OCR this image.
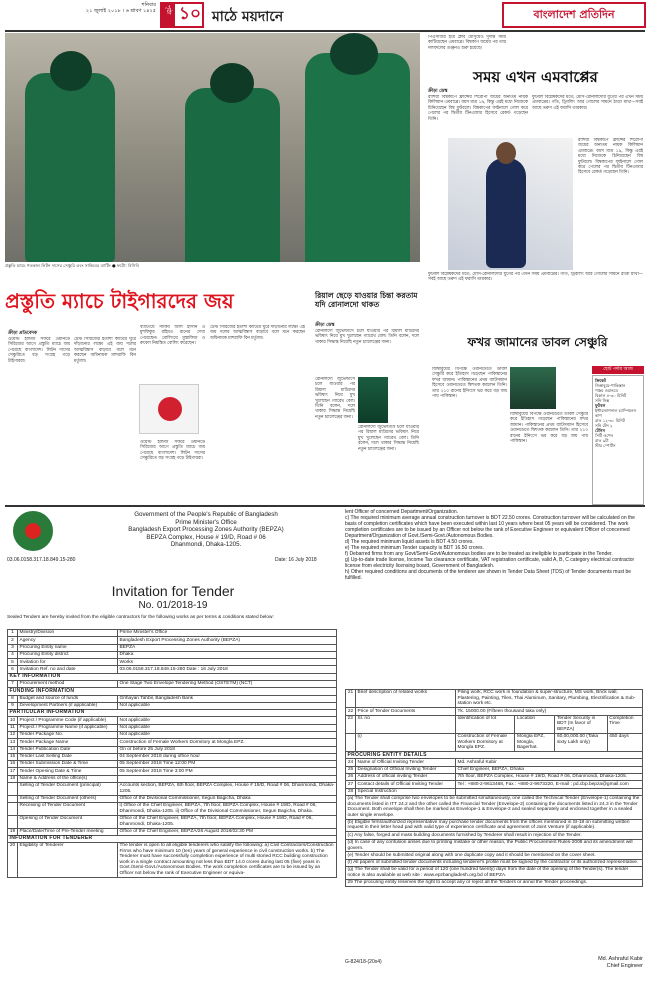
শনিবার
২১ জুলাই ২০১৮ । ৬ শ্রাবণ ১৪২৫	পৃষ্ঠা ১০ মাঠে ময়দানে	বাংলাদেশ প্রতিদিন
প্রস্তুতি ম্যাচে গতকাল লিটন দাসের সেঞ্চুরি এবং সাকিবের ব্যাটিং ● ফটো: বিসিবি
পিএসজির হয়ে ক্লাব মৌসুমেও দুর্দান্ত সময় কাটিয়েছেন এমবাপ্পে। বিশ্বকাপ জয়ের পর তার দলবদলের গুঞ্জনও শুরু হয়েছে।
সময় এখন এমবাপ্পের
ক্রীড়া ডেস্ক
রাশিয়া বিশ্বকাপে ফ্রান্সের শিরোপা জয়ের অন্যতম নায়ক কিলিয়ান এমবাপ্পে। বয়স মাত্র ১৯, কিন্তু এরই মধ্যে নিজেকে চিনিয়েছেন বিশ্ব ফুটবলে। বিশ্বকাপের ফাইনালে গোল করে পেলের পর দ্বিতীয় টিনএজার হিসেবে রেকর্ড গড়েছেন তিনি।
ফুটবল বিশ্লেষকদের মতে, মেসি-রোনালদোর যুগের পর এখন সময় এমবাপ্পের। গতি, ড্রিবলিং আর গোলের সামনে ঠাণ্ডা মাথা—সবই আছে তরুণ এই ফরাসি তারকার।
রাশিয়া বিশ্বকাপে ফ্রান্সের শিরোপা জয়ের অন্যতম নায়ক কিলিয়ান এমবাপ্পে। বয়স মাত্র ১৯, কিন্তু এরই মধ্যে নিজেকে চিনিয়েছেন বিশ্ব ফুটবলে। বিশ্বকাপের ফাইনালে গোল করে পেলের পর দ্বিতীয় টিনএজার হিসেবে রেকর্ড গড়েছেন তিনি।
ফুটবল বিশ্লেষকদের মতে, মেসি-রোনালদোর যুগের পর এখন সময় এমবাপ্পের। গতি, ড্রিবলিং আর গোলের সামনে ঠাণ্ডা মাথা—সবই আছে তরুণ এই ফরাসি তারকার।
প্রস্তুতি ম্যাচে টাইগারদের জয়
ক্রীড়া প্রতিবেদক
ওয়েস্ট ইন্ডিজ সফরে ওয়ানডে সিরিজের আগে প্রস্তুতি ম্যাচে জয় পেয়েছে বাংলাদেশ। লিটন দাসের সেঞ্চুরিতে বড় সংগ্রহ গড়ে টাইগাররা।
টেস্ট সিরিজের হতাশা কাটিয়ে ঘুরে দাঁড়ানোর লক্ষ্যে এই জয় দলের আত্মবিশ্বাস বাড়াবে বলে মনে করছেন অধিনায়ক মাশরাফি বিন মর্তুজা।
ব্যাটিংয়ে সাকিব আল হাসান ও মুশফিকুর রহিমও রানের দেখা পেয়েছেন। বোলিংয়ে মুস্তাফিজ ও রুবেল নিয়ন্ত্রিত বোলিং করেছেন।
ওয়েস্ট ইন্ডিজ সফরে ওয়ানডে সিরিজের আগে প্রস্তুতি ম্যাচে জয় পেয়েছে বাংলাদেশ। লিটন দাসের সেঞ্চুরিতে বড় সংগ্রহ গড়ে টাইগাররা।
টেস্ট সিরিজের হতাশা কাটিয়ে ঘুরে দাঁড়ানোর লক্ষ্যে এই জয় দলের আত্মবিশ্বাস বাড়াবে বলে মনে করছেন অধিনায়ক মাশরাফি বিন মর্তুজা।
রিয়াল ছেড়ে যাওয়ার চিন্তা করতাম যদি রোনালদো থাকত
ক্রীড়া ডেস্ক
রোনালদো জুভেন্টাসে চলে যাওয়ার পর রিয়াল মাদ্রিদের ভবিষ্যৎ নিয়ে মুখ খুলেছেন গ্যারেথ বেল। তিনি বলেন, দলে থাকার সিদ্ধান্ত নিয়েছি নতুন চ্যালেঞ্জের জন্য।
রোনালদো জুভেন্টাসে চলে যাওয়ার পর রিয়াল মাদ্রিদের ভবিষ্যৎ নিয়ে মুখ খুলেছেন গ্যারেথ বেল। তিনি বলেন, দলে থাকার সিদ্ধান্ত নিয়েছি নতুন চ্যালেঞ্জের জন্য।
রোনালদো জুভেন্টাসে চলে যাওয়ার পর রিয়াল মাদ্রিদের ভবিষ্যৎ নিয়ে মুখ খুলেছেন গ্যারেথ বেল। তিনি বলেন, দলে থাকার সিদ্ধান্ত নিয়েছি নতুন চ্যালেঞ্জের জন্য।
ফখর জামানের ডাবল সেঞ্চুরি
জিম্বাবুয়ের বিপক্ষে ওয়ানডেতে ডাবল সেঞ্চুরি করে ইতিহাস গড়েছেন পাকিস্তানের ফখর জামান। পাকিস্তানের প্রথম ব্যাটসম্যান হিসেবে ওয়ানডেতে দ্বিশতক করলেন তিনি। তার ২১০ রানের ইনিংসে ভর করে বড় জয় পায় পাকিস্তান।
জিম্বাবুয়ের বিপক্ষে ওয়ানডেতে ডাবল সেঞ্চুরি করে ইতিহাস গড়েছেন পাকিস্তানের ফখর জামান। পাকিস্তানের প্রথম ব্যাটসম্যান হিসেবে ওয়ানডেতে দ্বিশতক করলেন তিনি। তার ২১০ রানের ইনিংসে ভর করে বড় জয় পায় পাকিস্তান।
ছোট পর্দায় আজ
ক্রিকেট
জিম্বাবুয়ে-পাকিস্তান
পঞ্চম ওয়ানডে
বিকাল ৪-৩০ মিনিট
সনি সিক্স
ফুটবল
ইন্টারন্যাশনাল চ্যাম্পিয়নস কাপ
রাত ১২-৩০ মিনিট
সনি টেন ২
টেনিস
সিটি ওপেন
রাত ৯টা
স্টার স্পোর্টস
Government of the People's Republic of Bangladesh
Prime Minister's Office
Bangladesh Export Processing Zones Authority (BEPZA)
BEPZA Complex, House # 19/D, Road # 06
Dhanmondi, Dhaka-1205.
03.06.0158.317.18.849.15-280	Date: 16 July 2018
Invitation for Tender
No. 01/2018-19
Sealed Tenders are hereby invited from the eligible contractors for the following works as per terms & conditions stated below:
1	Ministry/Division	Prime Minister's Office
2	Agency	Bangladesh Export Processing Zones Authority (BEPZA)
3	Procuring Entity name	BEPZA
4	Procuring Entity district	Dhaka
5	Invitation for	Works
6	Invitation Ref. no and date	03.06.0158.317.18.849.15-280 Date : 16 July 2018
KEY INFORMATION		
7	Procurement method	One Stage Two Envelope Tendering Method (OSTETM) (NCT)
FUNDING INFORMATION		
8	Budget and source of funds	Grihayan Tahbil, Bangladesh Bank
9	Development Partners (if applicable)	Not applicable
PARTICULAR INFORMATION		
10	Project / Programme Code (if applicable)	Not applicable
11	Project / Programme Name (if applicable)	Not applicable
12	Tender Package No.	Not applicable
13	Tender Package Name	Construction of Female Workers Dormitory at Mongla EPZ.
14	Tender Publication Date	On or before 25 July 2018
15	Tender Last Selling Date	04 September 2018 during office hour
16	Tender Submission Date & Time	05 September 2018 Time 12:00 PM
17	Tender Opening Date & Time	05 September 2018 Time 3:00 PM
18	Name & Address of the office(s)	
	Selling of Tender Document (principal)	Accounts section, BEPZA, 6th floor, BEPZA Complex, House # 19/D, Road # 06, Dhanmondi, Dhaka-1205.
	Selling of Tender Document (others)	Office of the Divisional Commissioner, Segun Bagicha, Dhaka
	Receiving of Tender Document	i) Office of the Chief Engineer, BEPZA, 7th floor, BEPZA Complex, House # 19/D, Road # 06, Dhanmondi, Dhaka-1205. ii) Office of the Divisional Commissioner, Segun Bagicha, Dhaka.
	Opening of Tender Document	Office of the Chief Engineer, BEPZA, 7th floor, BEPZA Complex, House # 19/D, Road # 06, Dhanmondi, Dhaka-1205.
19	Place/Date/Time of Pre-Tender meeting	Office of the Chief Engineer, BEPZA/26 August 2018/02:30 PM
INFORMATION FOR TENDERER		
20	Eligibility of Tenderer	The tender is open to all eligible tenderers who satisfy the following: a) Civil Contractors/Construction Firms who have minimum 10 (ten) years of general experience in civil construction works. b) The Tenderer must have successfully completion experience of multi storied RCC building construction work in a single contract amounting not less than BDT 14.0 crores during last 05 (five) years in Govt./Semi-Govt./Autonomous Bodies. The work completion certificates are to be issued by an Officer not below the rank of Executive Engineer or equiva-
lent Officer of concerned Department/Organization.
c) The required minimum average annual construction turnover is BDT 22.50 crores. Construction turnover will be calculated on the basis of completion certificates which have been executed within last 10 years where best 05 years will be considered. The work completion certificates are to be issued by an Officer not below the rank of Executive Engineer or equivalent Officer of concerned Department/Organization of Govt./Semi-Govt./Autonomous Bodies.
d) The required minimum liquid assets is BDT 4.50 crores.
e) The required minimum Tender capacity is BDT 16.50 crores.
f) Debarred firms from any Govt/Semi-Govt/Autonomous bodies are to be treated as ineligible to participate in the Tender.
g) Up-to-date trade license, Income Tax clearance certificate, VAT registration certificate, valid A, B, C category electrical contractor license from electricity licensing board, Government of Bangladesh.
h) Other required conditions and documents of the tenderer are shown in Tender Data Sheet (TDS) of Tender documents must be fulfilled.
21	Brief description of related works	Piling work, RCC work in foundation & super-structure, MS work, Brick wall, Plastering, Painting, Tiles, Thai Aluminum, Sanitary, Plumbing, Electrification & Sub-station work etc.			
22	Price of Tender Documents	Tk. 15000.00 (Fifteen thousand taka only)			
23	Sl. no	Identification of lot	Location	Tender Security in BDT (In favor of BEPZA)	Completion Time
	(i)	Construction of Female Workers Dormitory at Mongla EPZ.	Mongla EPZ, Mongla, Bagerhat.	60,00,000.00 (Taka sixty Lakh only)	450 days
PROCURING ENTITY DETAILS					
24	Name of Official Inviting Tender	Md. Ashraful Kabir			
25	Designation of Official Inviting Tender	Chief Engineer, BEPZA, Dhaka			
26	Address of official inviting Tender	7th floor, BEPZA Complex, House # 19/D, Road # 06, Dhanmondi, Dhaka-1205.			
27	Contact details of Official Inviting Tender	Tel : +880-2-9613468, Fax : +880-2-9673220, E-mail : pd.cbp.bepza@gmail.com			
28	Special Instruction				
(a) The Tender shall comprise two envelopes to be submitted simultaneously, one called the Technical Tender (Envelope-1) containing the documents listed in ITT 24.2 and the other called the Financial Tender (Envelope-2) containing the documents listed in 24.3 in the Tender Document. Both envelope shall then be marked as Envelope-1 & Envelope-2 and sealed separately and enclosed together in a sealed outer single envelope.					
(b) Eligible firms/authorized representative may purchase tender documents from the offices mentioned in SI-18 on submitting written request in their letter head pad with valid type of experience certificate and agreement of Joint Venture (if applicable).					
(c) Any false, forged and mass building documents furnished by Tenderer shall result in rejection of the Tender.					
(d) In case of any confusion arises due to printing mistake or other reason, the Public Procurement Rules-2008 and its amendment will govern.					
(e) Tender should be submitted original along with one duplicate copy and it should be mentioned on the cover sheet.					
(f) All papers of submitted tender documents including tenderer's profile must be signed by the contractor or its authorized representative.					
(g) The Tender shall be valid for a period of 120 (one hundred twenty) days from the date of the opening of the Tender(s). The tender notice is also available at web site : www.epzbangladesh.org.bd of BEPZA.					
29 The procuring entity reserves the right to accept any or reject all the Tenders or annul the Tender proceedings.					
G-824/18-(20x4)	Md. Ashraful Kabir
Chief Engineer
